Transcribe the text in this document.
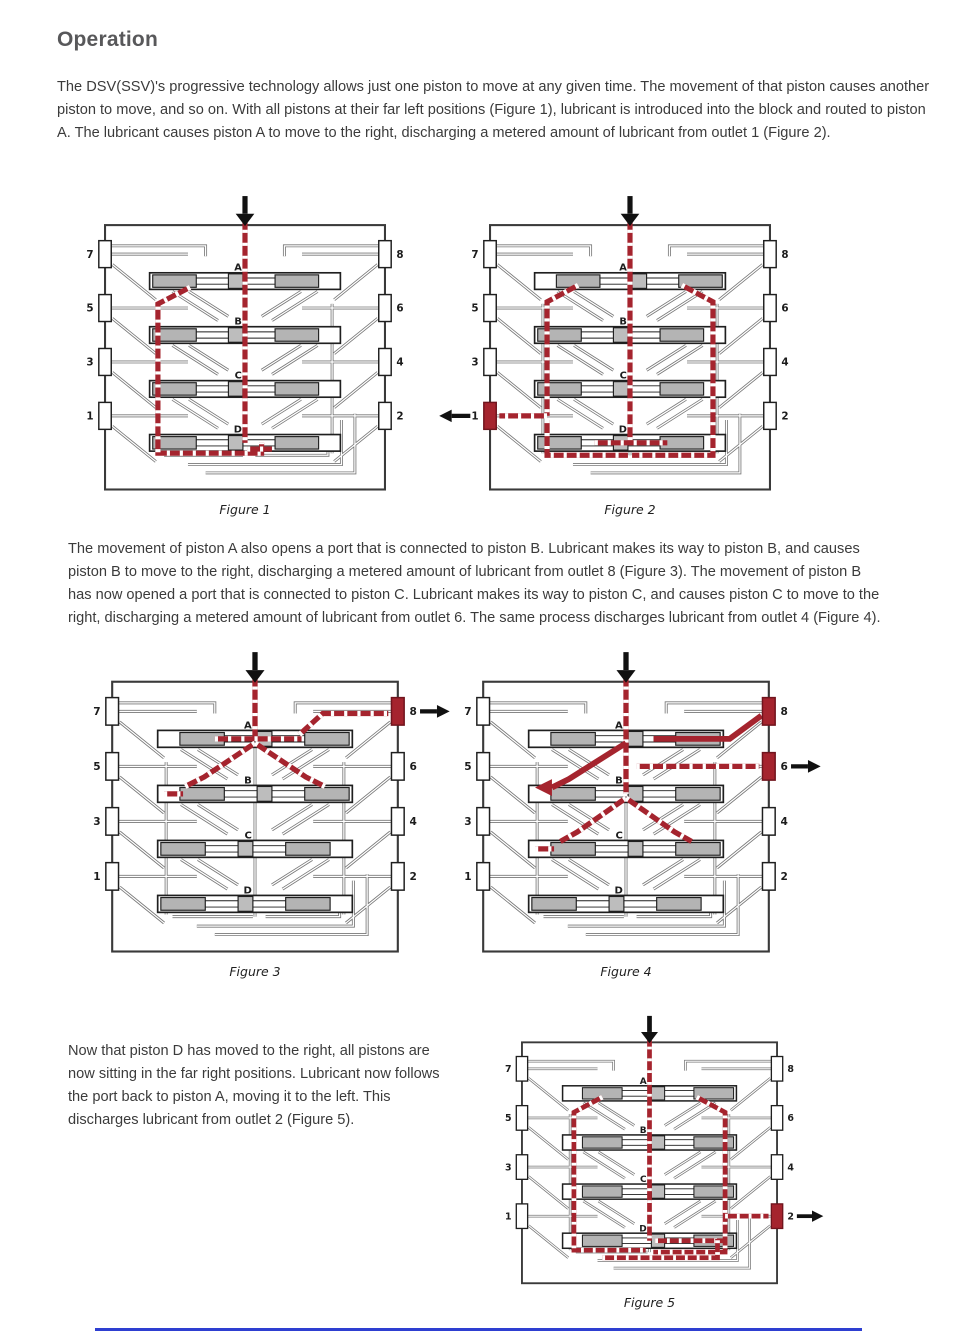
Operation

The DSV(SSV)'s progressive technology allows just one piston to move at any given time. The movement of that piston causes another piston to move, and so on. With all pistons at their far left positions (Figure 1), lubricant is introduced into the block and routed to piston A. The lubricant causes piston A to move to the right, discharging a metered amount of lubricant from outlet 1 (Figure 2).

7	8
5	6
3	4
1	2
A
B
C
D
Figure 1
7	8
5	6
3	4
1	2
A
B
C
D
Figure 2

The movement of piston A also opens a port that is connected to piston B. Lubricant makes its way to piston B, and causes piston B to move to the right, discharging a metered amount of lubricant from outlet 8 (Figure 3). The movement of piston B has now opened a port that is connected to piston C. Lubricant makes its way to piston C, and causes piston C to move to the right, discharging a metered amount of lubricant from outlet 6. The same process discharges lubricant from outlet 4 (Figure 4).

7	8
5	6
3	4
1	2
A
B
C
D
Figure 3
7	8
5	6
3	4
1	2
A
B
C
D
Figure 4

Now that piston D has moved to the right, all pistons are now sitting in the far right positions. Lubricant now follows the port back to piston A, moving it to the left. This discharges lubricant from outlet 2 (Figure 5).

7	8
5	6
3	4
1	2
A
B
C
D
Figure 5
